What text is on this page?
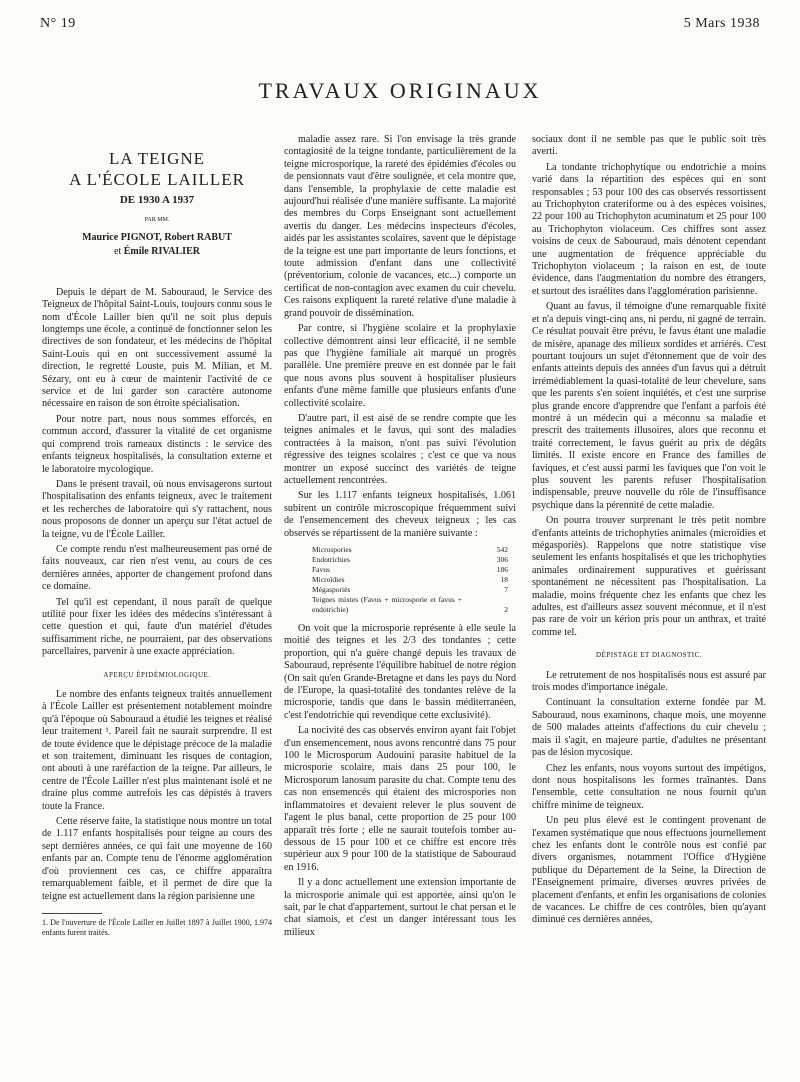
N° 19	5 Mars 1938
TRAVAUX ORIGINAUX
LA TEIGNE
A L'ÉCOLE LAILLER
DE 1930 A 1937
PAR MM.
Maurice PIGNOT, Robert RABUT
et Émile RIVALIER

Depuis le départ de M. Sabouraud, le Service des Teigneux de l'hôpital Saint-Louis, toujours connu sous le nom d'École Lailler bien qu'il ne soit plus depuis longtemps une école, a continué de fonctionner selon les directives de son fondateur, et les médecins de l'hôpital Saint-Louis qui en ont successivement assumé la direction, le regretté Louste, puis M. Milian, et M. Sézary, ont eu à cœur de maintenir l'activité de ce service et de lui garder son caractère autonome nécessaire en raison de son étroite spécialisation.

Pour notre part, nous nous sommes efforcés, en commun accord, d'assurer la vitalité de cet organisme qui comprend trois rameaux distincts : le service des enfants teigneux hospitalisés, la consultation externe et le laboratoire mycologique.

Dans le présent travail, où nous envisagerons surtout l'hospitalisation des enfants teigneux, avec le traitement et les recherches de laboratoire qui s'y rattachent, nous nous proposons de donner un aperçu sur l'état actuel de la teigne, vu de l'École Lailler.

Ce compte rendu n'est malheureusement pas orné de faits nouveaux, car rien n'est venu, au cours de ces dernières années, apporter de changement profond dans ce domaine.

Tel qu'il est cependant, il nous paraît de quelque utilité pour fixer les idées des médecins s'intéressant à cette question et qui, faute d'un matériel d'études suffisamment riche, ne pourraient, par des observations parcellaires, parvenir à une exacte appréciation.

APERÇU ÉPIDÉMIOLOGIQUE.

Le nombre des enfants teigneux traités annuellement à l'École Lailler est présentement notablement moindre qu'à l'époque où Sabouraud a étudié les teignes et réalisé leur traitement ¹. Pareil fait ne saurait surprendre. Il est de toute évidence que le dépistage précoce de la maladie et son traitement, diminuant les risques de contagion, ont abouti à une raréfaction de la teigne. Par ailleurs, le centre de l'École Lailler n'est plus maintenant isolé et ne draine plus comme autrefois les cas dépistés à travers toute la France.

Cette réserve faite, la statistique nous montre un total de 1.117 enfants hospitalisés pour teigne au cours des sept dernières années, ce qui fait une moyenne de 160 enfants par an. Compte tenu de l'énorme agglomération d'où proviennent ces cas, ce chiffre apparaîtra remarquablement faible, et il permet de dire que la teigne est actuellement dans la région parisienne une

1. De l'ouverture de l'École Lailler en Juillet 1897 à Juillet 1900, 1.974 enfants furent traités.

maladie assez rare. Si l'on envisage la très grande contagiosité de la teigne tondante, particulièrement de la teigne microsporique, la rareté des épidémies d'écoles ou de pensionnats vaut d'être soulignée, et cela montre que, dans l'ensemble, la prophylaxie de cette maladie est aujourd'hui réalisée d'une manière suffisante. La majorité des membres du Corps Enseignant sont actuellement avertis du danger. Les médecins inspecteurs d'écoles, aidés par les assistantes scolaires, savent que le dépistage de la teigne est une part importante de leurs fonctions, et toute admission d'enfant dans une collectivité (préventorium, colonie de vacances, etc...) comporte un certificat de non-contagion avec examen du cuir chevelu. Ces raisons expliquent la rareté relative d'une maladie à grand pouvoir de dissémination.

Par contre, si l'hygiène scolaire et la prophylaxie collective démontrent ainsi leur efficacité, il ne semble pas que l'hygiène familiale ait marqué un progrès parallèle. Une première preuve en est donnée par le fait que nous avons plus souvent à hospitaliser plusieurs enfants d'une même famille que plusieurs enfants d'une collectivité scolaire.

D'autre part, il est aisé de se rendre compte que les teignes animales et le favus, qui sont des maladies contractées à la maison, n'ont pas suivi l'évolution régressive des teignes scolaires ; c'est ce que va nous montrer un exposé succinct des variétés de teigne actuellement rencontrées.

Sur les 1.117 enfants teigneux hospitalisés, 1.061 subirent un contrôle microscopique fréquemment suivi de l'ensemencement des cheveux teigneux ; les cas observés se répartissent de la manière suivante :

Microspories	542
Endotrichies	306
Favus	186
Microïdies	18
Mégasporiès	7
Teignes mixtes (Favus + microsporie et favus + endotrichie)	2

On voit que la microsporie représente à elle seule la moitié des teignes et les 2/3 des tondantes ; cette proportion, qui n'a guère changé depuis les travaux de Sabouraud, représente l'équilibre habituel de notre région (On sait qu'en Grande-Bretagne et dans les pays du Nord de l'Europe, la quasi-totalité des tondantes relève de la microsporie, tandis que dans le bassin méditerranéen, c'est l'endotrichie qui revendique cette exclusivité).

La nocivité des cas observés environ ayant fait l'objet d'un ensemencement, nous avons rencontré dans 75 pour 100 le Microsporum Audouini parasite habituel de la microsporie scolaire, mais dans 25 pour 100, le Microsporum lanosum parasite du chat. Compte tenu des cas non ensemencés qui étaient des microspories non inflammatoires et devaient relever le plus souvent de l'agent le plus banal, cette proportion de 25 pour 100 apparaît très forte ; elle ne saurait toutefois tomber au-dessous de 15 pour 100 et ce chiffre est encore très supérieur aux 9 pour 100 de la statistique de Sabouraud en 1916.

Il y a donc actuellement une extension importante de la microsporie animale qui est apportée, ainsi qu'on le sait, par le chat d'appartement, surtout le chat persan et le chat siamois, et c'est un danger intéressant tous les milieux

sociaux dont il ne semble pas que le public soit très averti.

La tondante trichophytique ou endotrichie a moins varié dans la répartition des espèces qui en sont responsables ; 53 pour 100 des cas observés ressortissent au Trichophyton crateriforme ou à des espèces voisines, 22 pour 100 au Trichophyton acuminatum et 25 pour 100 au Trichophyton violaceum. Ces chiffres sont assez voisins de ceux de Sabouraud, mais dénotent cependant une augmentation de fréquence appréciable du Trichophyton violaceum ; la raison en est, de toute évidence, dans l'augmentation du nombre des étrangers, et surtout des israélites dans l'agglomération parisienne.

Quant au favus, il témoigne d'une remarquable fixité et n'a depuis vingt-cinq ans, ni perdu, ni gagné de terrain. Ce résultat pouvait être prévu, le favus étant une maladie de misère, apanage des milieux sordides et arriérés. C'est pourtant toujours un sujet d'étonnement que de voir des enfants atteints depuis des années d'un favus qui a détruit irrémédiablement la quasi-totalité de leur chevelure, sans que les parents s'en soient inquiétés, et c'est une surprise plus grande encore d'apprendre que l'enfant a parfois été montré à un médecin qui a méconnu sa maladie et prescrit des traitements illusoires, alors que reconnu et traité correctement, le favus guérit au prix de dégâts limités. Il existe encore en France des familles de faviques, et c'est aussi parmi les faviques que l'on voit le plus souvent les parents refuser l'hospitalisation indispensable, preuve nouvelle du rôle de l'insuffisance psychique dans la pérennité de cette maladie.

On pourra trouver surprenant le très petit nombre d'enfants atteints de trichophyties animales (microïdies et mégasporiès). Rappelons que notre statistique vise seulement les enfants hospitalisés et que les trichophyties animales ordinairement suppuratives et guérissant spontanément ne nécessitent pas l'hospitalisation. La maladie, moins fréquente chez les enfants que chez les adultes, est d'ailleurs assez souvent méconnue, et il n'est pas rare de voir un kérion pris pour un anthrax, et traité comme tel.

DÉPISTAGE ET DIAGNOSTIC.

Le retrutement de nos hospitalisés nous est assuré par trois modes d'importance inégale.

Continuant la consultation externe fondée par M. Sabouraud, nous examinons, chaque mois, une moyenne de 500 malades atteints d'affections du cuir chevelu ; mais il s'agit, en majeure partie, d'adultes ne présentant pas de lésion mycosique.

Chez les enfants, nous voyons surtout des impétigos, dont nous hospitalisons les formes traînantes. Dans l'ensemble, cette consultation ne nous fournit qu'un chiffre minime de teigneux.

Un peu plus élevé est le contingent provenant de l'examen systématique que nous effectuons journellement chez les enfants dont le contrôle nous est confié par divers organismes, notamment l'Office d'Hygiène publique du Département de la Seine, la Direction de l'Enseignement primaire, diverses œuvres privées de placement d'enfants, et enfin les organisations de colonies de vacances. Le chiffre de ces contrôles, bien qu'ayant diminué ces dernières années,
